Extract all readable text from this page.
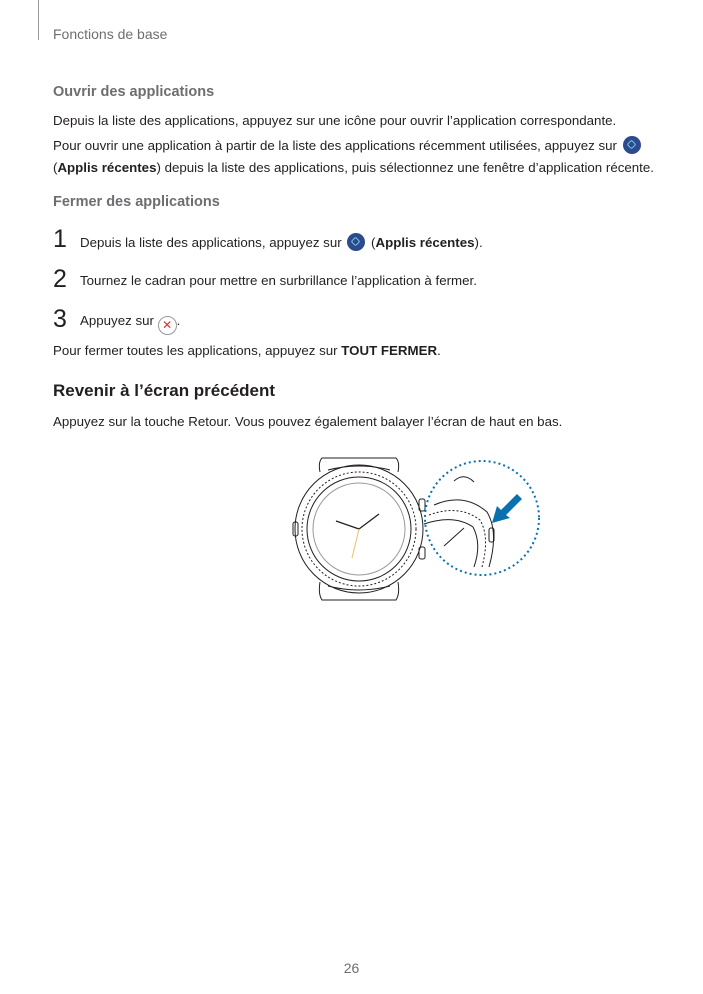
Fonctions de base
Ouvrir des applications
Depuis la liste des applications, appuyez sur une icône pour ouvrir l’application correspondante.
Pour ouvrir une application à partir de la liste des applications récemment utilisées, appuyez sur
(Applis récentes) depuis la liste des applications, puis sélectionnez une fenêtre d’application récente.
Fermer des applications
1 Depuis la liste des applications, appuyez sur  (Applis récentes).
2 Tournez le cadran pour mettre en surbrillance l’application à fermer.
3 Appuyez sur ✕ .
Pour fermer toutes les applications, appuyez sur TOUT FERMER.
Revenir à l’écran précédent
Appuyez sur la touche Retour. Vous pouvez également balayer l’écran de haut en bas.
26
